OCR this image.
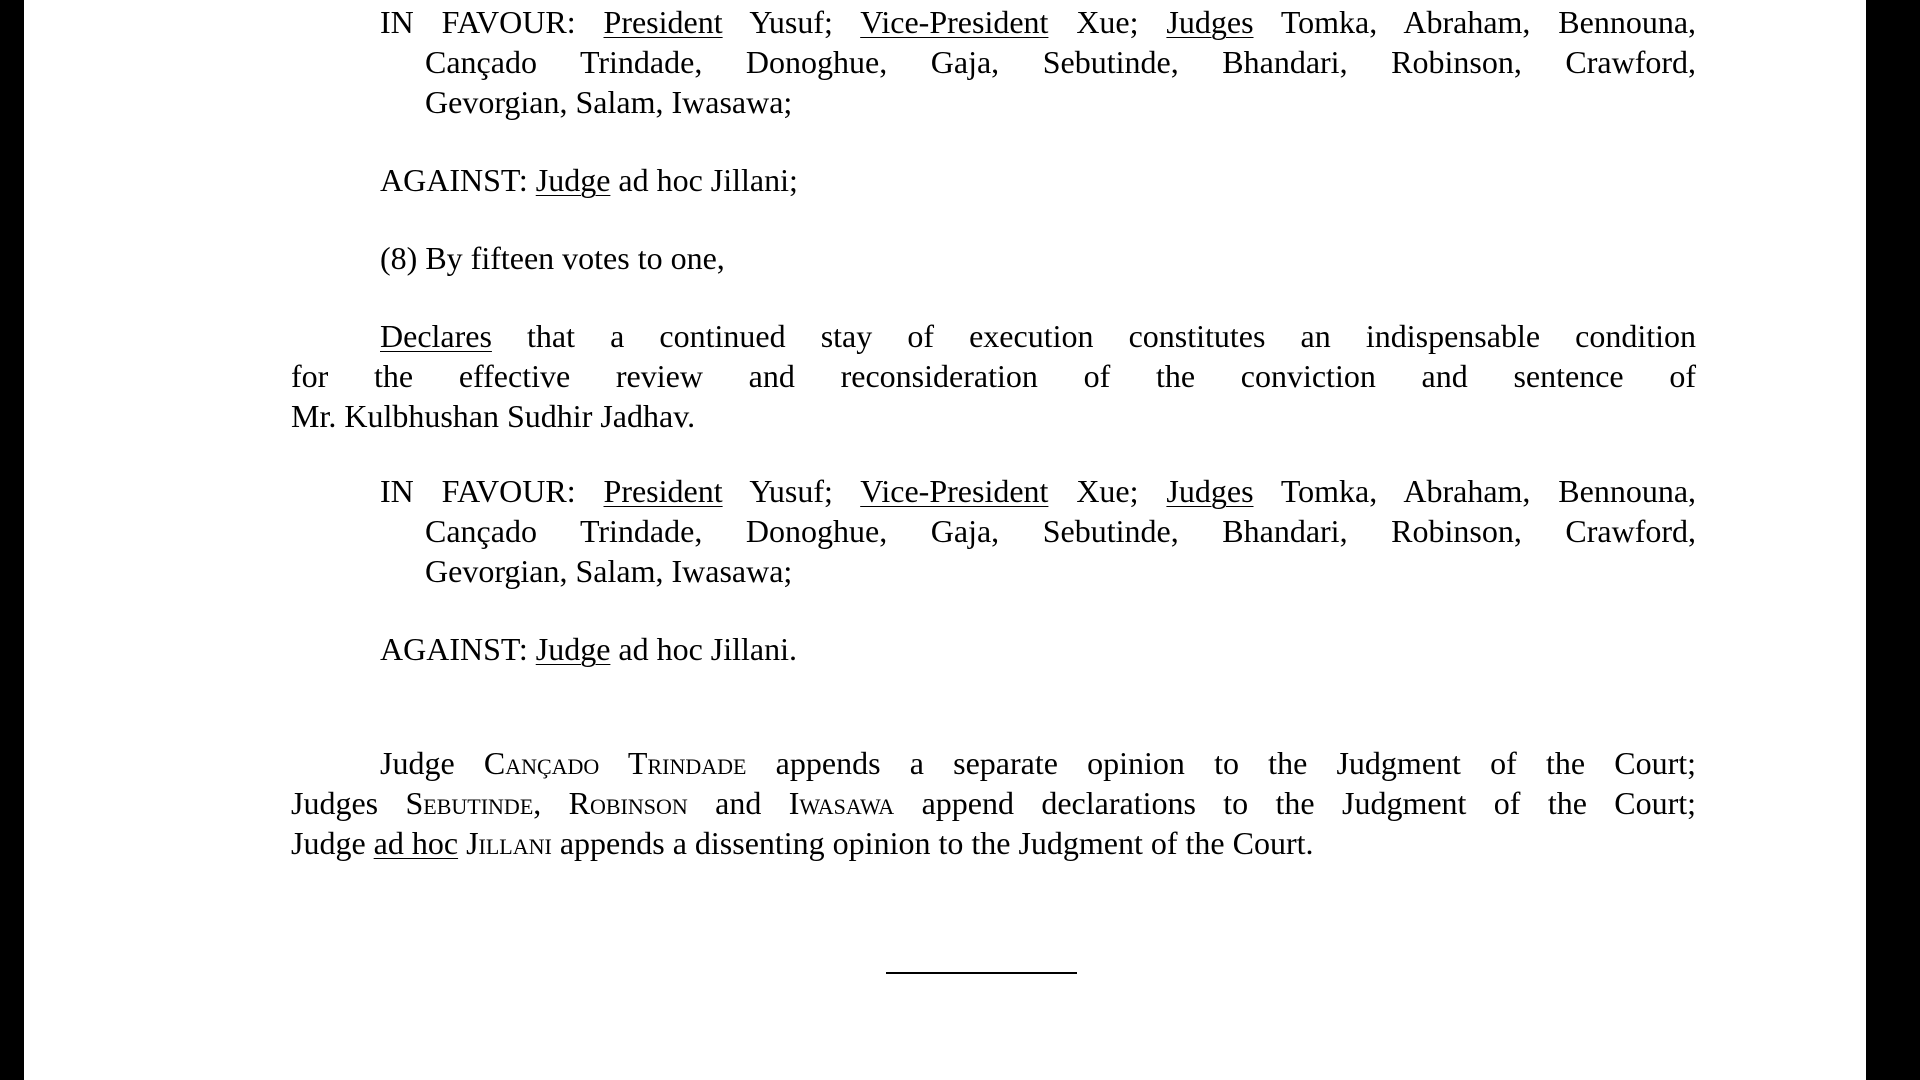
IN FAVOUR: President Yusuf; Vice-President Xue; Judges Tomka, Abraham, Bennouna,
Cançado Trindade, Donoghue, Gaja, Sebutinde, Bhandari, Robinson, Crawford,
Gevorgian, Salam, Iwasawa;
AGAINST: Judge ad hoc Jillani;
(8) By fifteen votes to one,
Declares that a continued stay of execution constitutes an indispensable condition
for the effective review and reconsideration of the conviction and sentence of
Mr. Kulbhushan Sudhir Jadhav.
IN FAVOUR: President Yusuf; Vice-President Xue; Judges Tomka, Abraham, Bennouna,
Cançado Trindade, Donoghue, Gaja, Sebutinde, Bhandari, Robinson, Crawford,
Gevorgian, Salam, Iwasawa;
AGAINST: Judge ad hoc Jillani.
Judge Cançado Trindade appends a separate opinion to the Judgment of the Court;
Judges Sebutinde, Robinson and Iwasawa append declarations to the Judgment of the Court;
Judge ad hoc Jillani appends a dissenting opinion to the Judgment of the Court.
